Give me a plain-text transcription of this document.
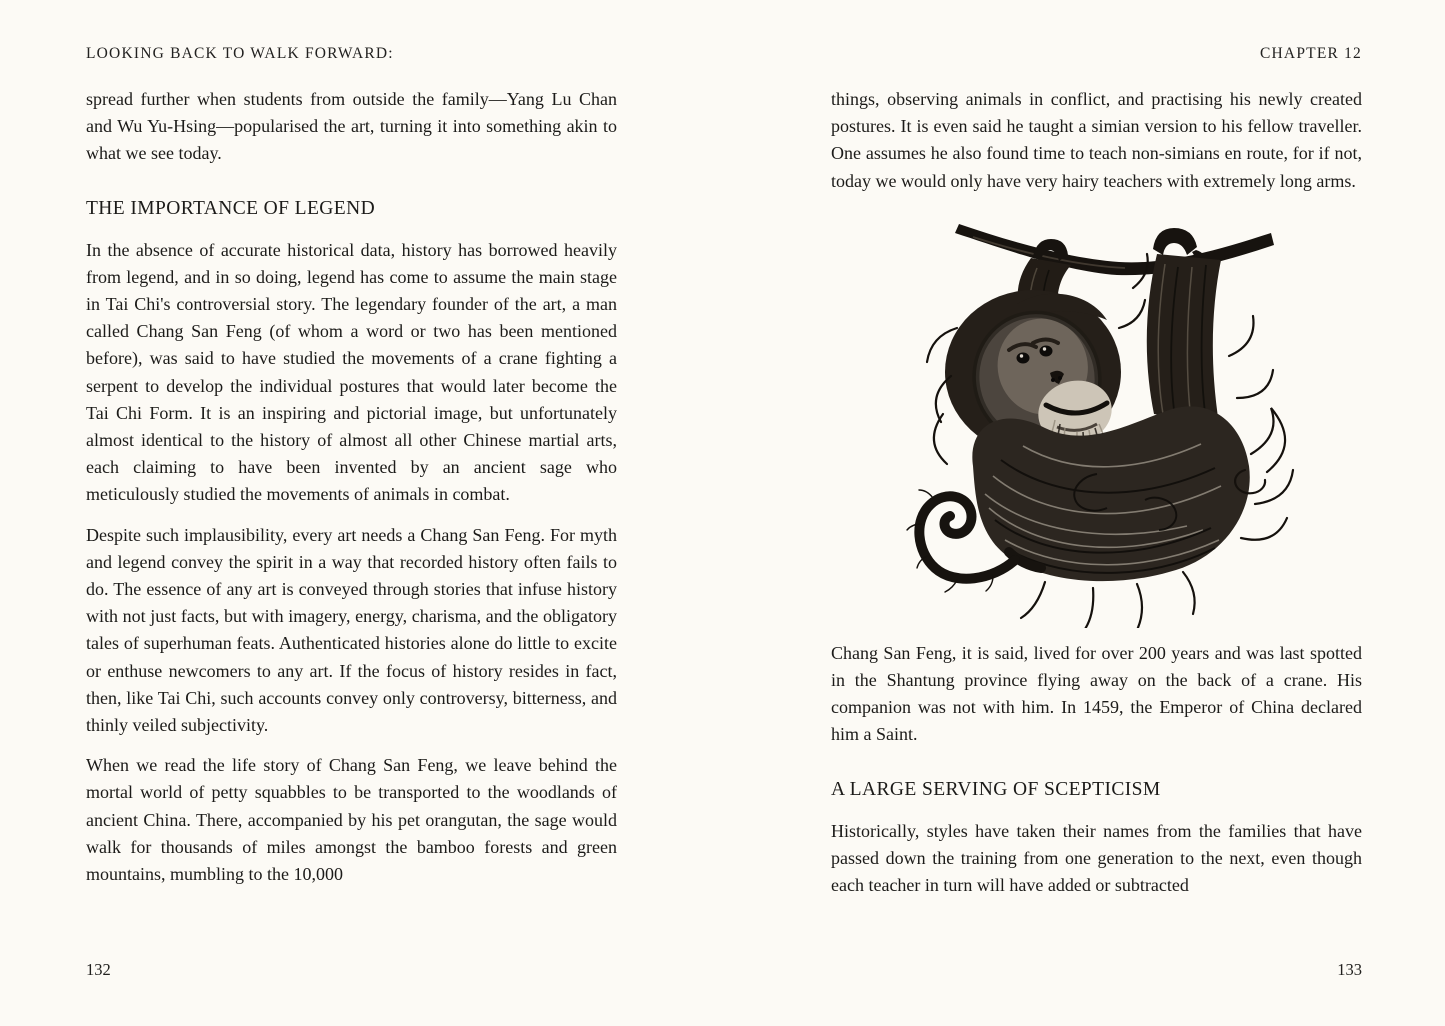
LOOKING BACK TO WALK FORWARD:

spread further when students from outside the family—Yang Lu Chan and Wu Yu-Hsing—popularised the art, turning it into something akin to what we see today.

THE IMPORTANCE OF LEGEND

In the absence of accurate historical data, history has borrowed heavily from legend, and in so doing, legend has come to assume the main stage in Tai Chi's controversial story. The legendary founder of the art, a man called Chang San Feng (of whom a word or two has been mentioned before), was said to have studied the movements of a crane fighting a serpent to develop the individual postures that would later become the Tai Chi Form. It is an inspiring and pictorial image, but unfortunately almost identical to the history of almost all other Chinese martial arts, each claiming to have been invented by an ancient sage who meticulously studied the movements of animals in combat.

Despite such implausibility, every art needs a Chang San Feng. For myth and legend convey the spirit in a way that recorded history often fails to do. The essence of any art is conveyed through stories that infuse history with not just facts, but with imagery, energy, charisma, and the obligatory tales of superhuman feats. Authenticated histories alone do little to excite or enthuse newcomers to any art. If the focus of history resides in fact, then, like Tai Chi, such accounts convey only controversy, bitterness, and thinly veiled subjectivity.

When we read the life story of Chang San Feng, we leave behind the mortal world of petty squabbles to be transported to the woodlands of ancient China. There, accompanied by his pet orangutan, the sage would walk for thousands of miles amongst the bamboo forests and green mountains, mumbling to the 10,000

132
CHAPTER 12

things, observing animals in conflict, and practising his newly created postures. It is even said he taught a simian version to his fellow traveller. One assumes he also found time to teach non-simians en route, for if not, today we would only have very hairy teachers with extremely long arms.

Chang San Feng, it is said, lived for over 200 years and was last spotted in the Shantung province flying away on the back of a crane. His companion was not with him. In 1459, the Emperor of China declared him a Saint.

A LARGE SERVING OF SCEPTICISM

Historically, styles have taken their names from the families that have passed down the training from one generation to the next, even though each teacher in turn will have added or subtracted

133
